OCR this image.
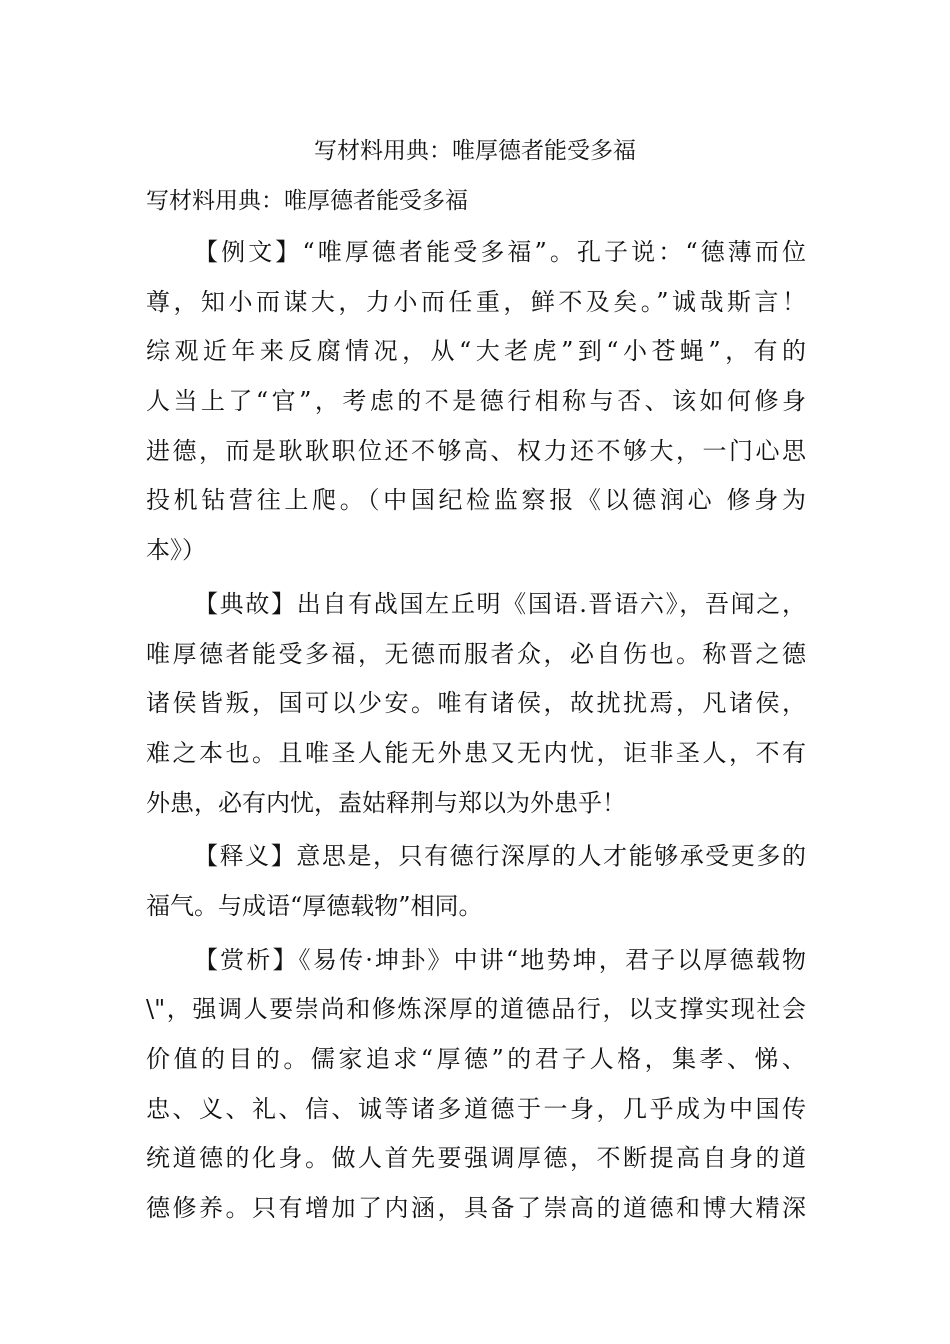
写材料用典：唯厚德者能受多福
写材料用典：唯厚德者能受多福
【例文】“唯厚德者能受多福”。孔子说：“德薄而位
尊，知小而谋大，力小而任重，鲜不及矣。”诚哉斯言！
综观近年来反腐情况，从“大老虎”到“小苍蝇”，有的
人当上了“官”，考虑的不是德行相称与否、该如何修身
进德，而是耿耿职位还不够高、权力还不够大，一门心思
投机钻营往上爬。（中国纪检监察报《以德润心 修身为
本》）
【典故】出自有战国左丘明《国语.晋语六》，吾闻之，
唯厚德者能受多福，无德而服者众，必自伤也。称晋之德
诸侯皆叛，国可以少安。唯有诸侯，故扰扰焉，凡诸侯，
难之本也。且唯圣人能无外患又无内忧，讵非圣人，不有
外患，必有内忧，盍姑释荆与郑以为外患乎！
【释义】意思是，只有德行深厚的人才能够承受更多的
福气。与成语“厚德载物”相同。
【赏析】《易传·坤卦》中讲“地势坤，君子以厚德载物
\"，强调人要崇尚和修炼深厚的道德品行，以支撑实现社会
价值的目的。儒家追求“厚德”的君子人格，集孝、悌、
忠、义、礼、信、诚等诸多道德于一身，几乎成为中国传
统道德的化身。做人首先要强调厚德，不断提高自身的道
德修养。只有增加了内涵，具备了崇高的道德和博大精深
